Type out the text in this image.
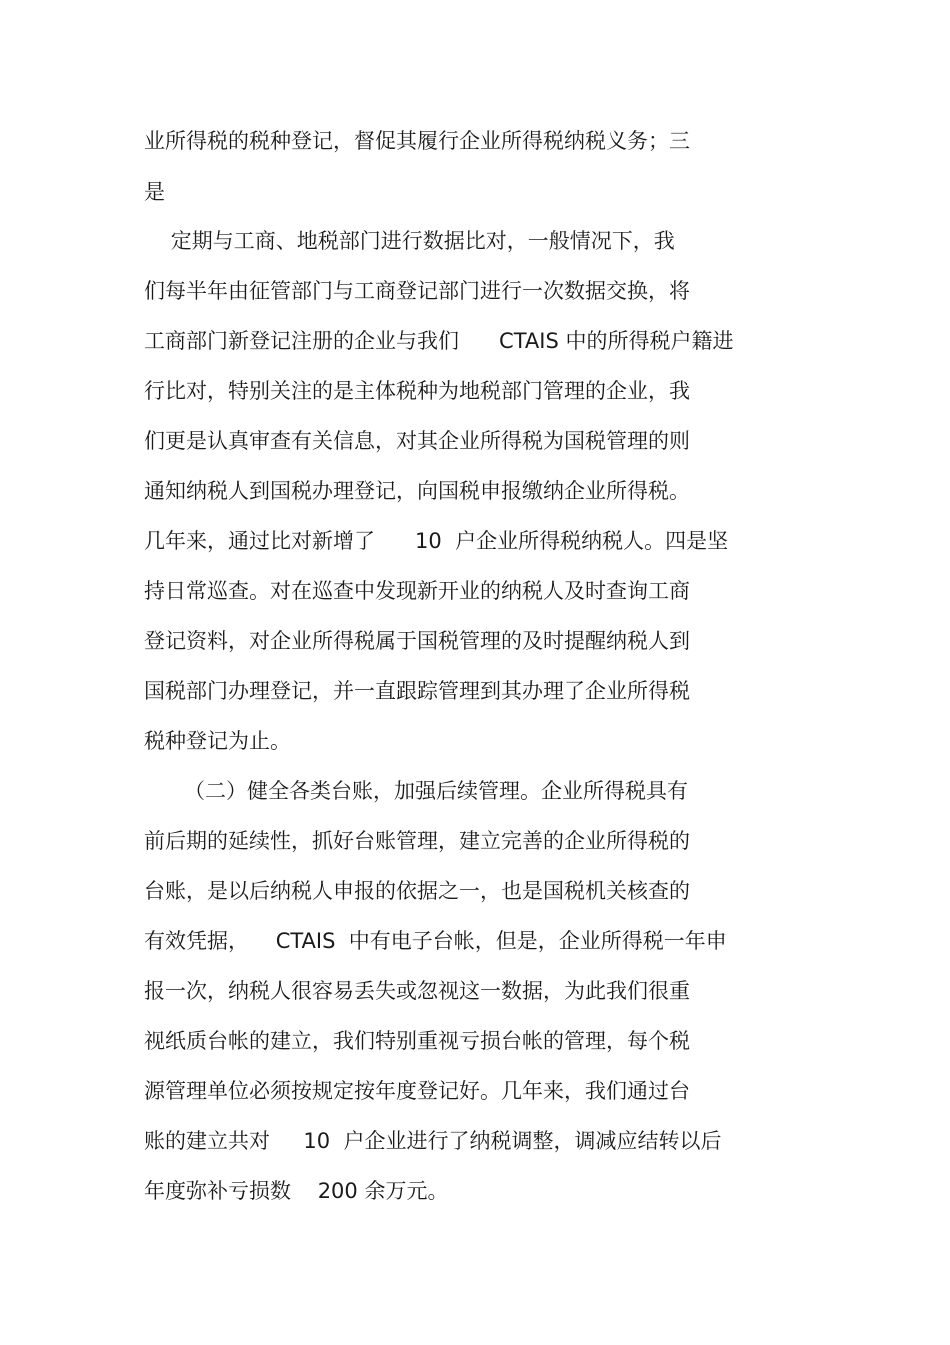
业所得税的税种登记，督促其履行企业所得税纳税义务；三
是
定期与工商、地税部门进行数据比对，一般情况下，我
们每半年由征管部门与工商登记部门进行一次数据交换，将
工商部门新登记注册的企业与我们      CTAIS 中的所得税户籍进
行比对，特别关注的是主体税种为地税部门管理的企业，我
们更是认真审查有关信息，对其企业所得税为国税管理的则
通知纳税人到国税办理登记，向国税申报缴纳企业所得税。
几年来，通过比对新增了      10  户企业所得税纳税人。四是坚
持日常巡查。对在巡查中发现新开业的纳税人及时查询工商
登记资料，对企业所得税属于国税管理的及时提醒纳税人到
国税部门办理登记，并一直跟踪管理到其办理了企业所得税
税种登记为止。
（二）健全各类台账，加强后续管理。企业所得税具有
前后期的延续性，抓好台账管理，建立完善的企业所得税的
台账，是以后纳税人申报的依据之一，也是国税机关核查的
有效凭据，    CTAIS  中有电子台帐，但是，企业所得税一年申
报一次，纳税人很容易丢失或忽视这一数据，为此我们很重
视纸质台帐的建立，我们特别重视亏损台帐的管理，每个税
源管理单位必须按规定按年度登记好。几年来，我们通过台
账的建立共对     10  户企业进行了纳税调整，调减应结转以后
年度弥补亏损数    200 余万元。
